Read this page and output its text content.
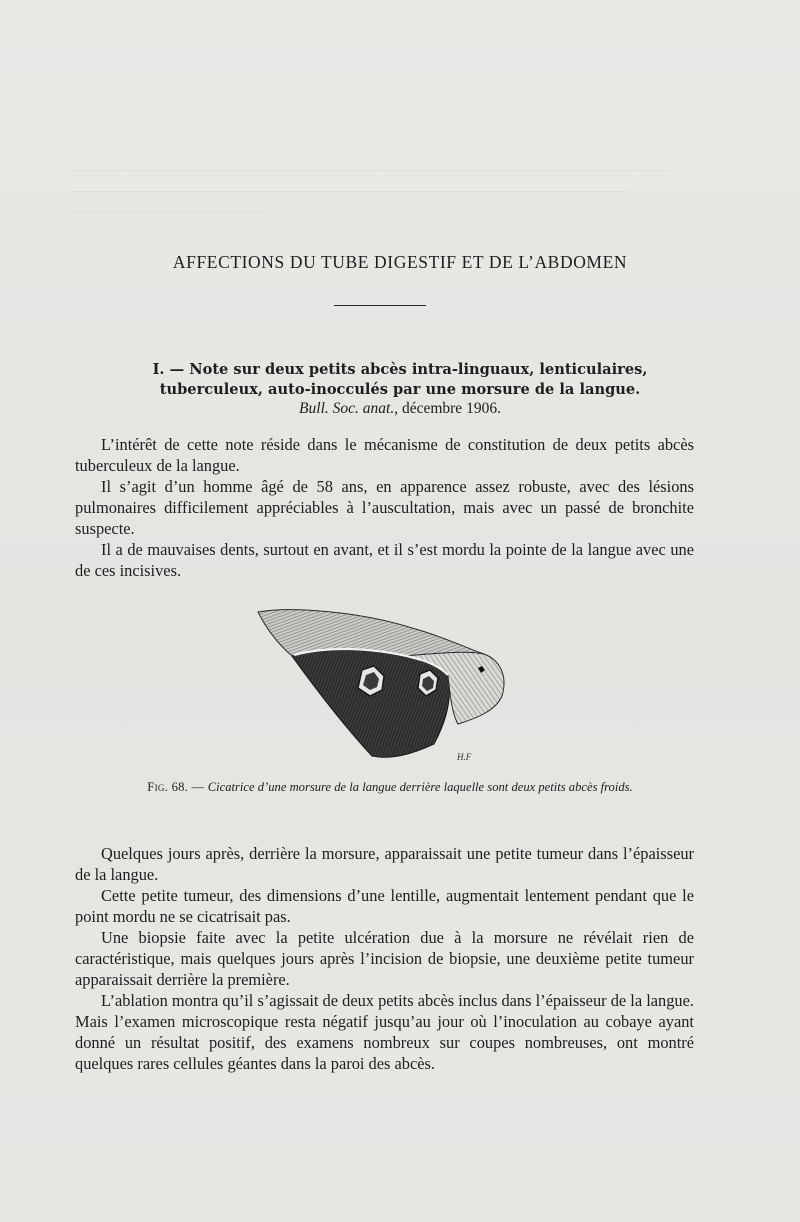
AFFECTIONS DU TUBE DIGESTIF ET DE L’ABDOMEN
I. — Note sur deux petits abcès intra-linguaux, lenticulaires,
tuberculeux, auto-inocculés par une morsure de la langue.
Bull. Soc. anat., décembre 1906.

L’intérêt de cette note réside dans le mécanisme de constitution de deux petits abcès tuberculeux de la langue.

Il s’agit d’un homme âgé de 58 ans, en apparence assez robuste, avec des lésions pulmonaires difficilement appréciables à l’auscultation, mais avec un passé de bronchite suspecte.

Il a de mauvaises dents, surtout en avant, et il s’est mordu la pointe de la langue avec une de ces incisives.

H.F
Fig. 68. — Cicatrice d’une morsure de la langue derrière laquelle sont deux petits abcès froids.

Quelques jours après, derrière la morsure, apparaissait une petite tumeur dans l’épaisseur de la langue.

Cette petite tumeur, des dimensions d’une lentille, augmentait lentement pendant que le point mordu ne se cicatrisait pas.

Une biopsie faite avec la petite ulcération due à la morsure ne révélait rien de caractéristique, mais quelques jours après l’incision de biopsie, une deuxième petite tumeur apparaissait derrière la première.

L’ablation montra qu’il s’agissait de deux petits abcès inclus dans l’épaisseur de la langue. Mais l’examen microscopique resta négatif jusqu’au jour où l’inoculation au cobaye ayant donné un résultat positif, des examens nombreux sur coupes nombreuses, ont montré quelques rares cellules géantes dans la paroi des abcès.
